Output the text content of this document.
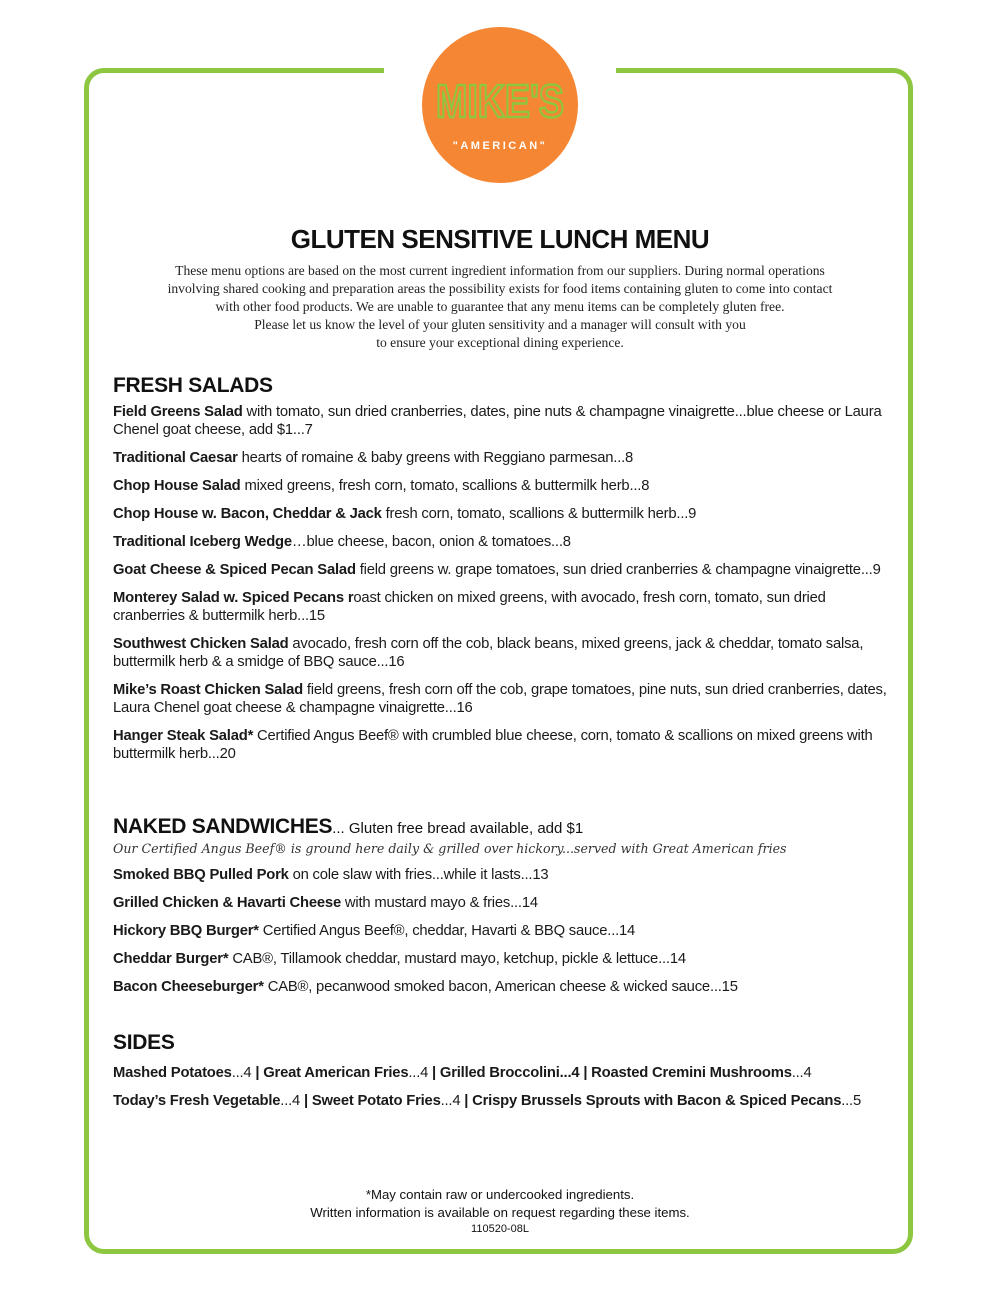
MIKE'S
"AMERICAN"
GLUTEN SENSITIVE LUNCH MENU

These menu options are based on the most current ingredient information from our suppliers. During normal operations

involving shared cooking and preparation areas the possibility exists for food items containing gluten to come into contact

with other food products. We are unable to guarantee that any menu items can be completely gluten free.

Please let us know the level of your gluten sensitivity and a manager will consult with you

to ensure your exceptional dining experience.

FRESH SALADS
Field Greens Salad with tomato, sun dried cranberries, dates, pine nuts & champagne vinaigrette...blue cheese or Laura Chenel goat cheese, add $1...7
Traditional Caesar hearts of romaine & baby greens with Reggiano parmesan...8
Chop House Salad mixed greens, fresh corn, tomato, scallions & buttermilk herb...8
Chop House w. Bacon, Cheddar & Jack fresh corn, tomato, scallions & buttermilk herb...9
Traditional Iceberg Wedge…blue cheese, bacon, onion & tomatoes...8
Goat Cheese & Spiced Pecan Salad field greens w. grape tomatoes, sun dried cranberries & champagne vinaigrette...9
Monterey Salad w. Spiced Pecans roast chicken on mixed greens, with avocado, fresh corn, tomato, sun dried cranberries & buttermilk herb...15
Southwest Chicken Salad avocado, fresh corn off the cob, black beans, mixed greens, jack & cheddar, tomato salsa, buttermilk herb & a smidge of BBQ sauce...16
Mike’s Roast Chicken Salad field greens, fresh corn off the cob, grape tomatoes, pine nuts, sun dried cranberries, dates, Laura Chenel goat cheese & champagne vinaigrette...16
Hanger Steak Salad* Certified Angus Beef® with crumbled blue cheese, corn, tomato & scallions on mixed greens with buttermilk herb...20
NAKED SANDWICHES... Gluten free bread available, add $1

Our Certified Angus Beef® is ground here daily & grilled over hickory...served with Great American fries

Smoked BBQ Pulled Pork on cole slaw with fries...while it lasts...13
Grilled Chicken & Havarti Cheese with mustard mayo & fries...14
Hickory BBQ Burger* Certified Angus Beef®, cheddar, Havarti & BBQ sauce...14
Cheddar Burger* CAB®, Tillamook cheddar, mustard mayo, ketchup, pickle & lettuce...14
Bacon Cheeseburger* CAB®, pecanwood smoked bacon, American cheese & wicked sauce...15
SIDES
Mashed Potatoes...4 | Great American Fries...4 | Grilled Broccolini...4 | Roasted Cremini Mushrooms...4
Today’s Fresh Vegetable...4 | Sweet Potato Fries...4 | Crispy Brussels Sprouts with Bacon & Spiced Pecans...5
*May contain raw or undercooked ingredients.
Written information is available on request regarding these items.
110520-08L
